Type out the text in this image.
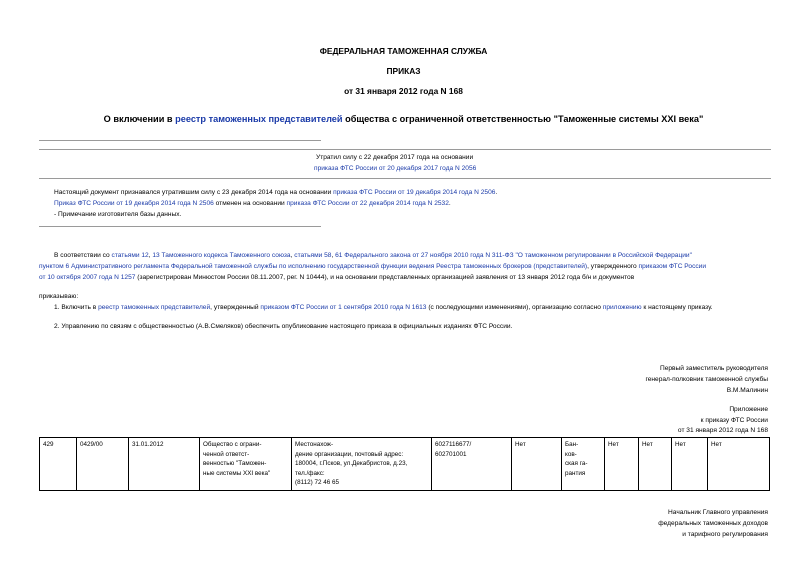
ФЕДЕРАЛЬНАЯ ТАМОЖЕННАЯ СЛУЖБА
ПРИКАЗ
от 31 января 2012 года N 168
О включении в реестр таможенных представителей общества с ограниченной ответственностью "Таможенные системы XXI века"
Утратил силу с 22 декабря 2017 года на основании
приказа ФТС России от 20 декабря 2017 года N 2056
Настоящий документ признавался утратившим силу с 23 декабря 2014 года на основании приказа ФТС России от 19 декабря 2014 года N 2506.
Приказ ФТС России от 19 декабря 2014 года N 2506 отменен на основании приказа ФТС России от 22 декабря 2014 года N 2532.
- Примечание изготовителя базы данных.
В соответствии со статьями 12, 13 Таможенного кодекса Таможенного союза, статьями 58, 61 Федерального закона от 27 ноября 2010 года N 311-ФЗ "О таможенном регулировании в Российской Федерации"
пунктом 6 Административного регламента Федеральной таможенной службы по исполнению государственной функции ведения Реестра таможенных брокеров (представителей), утвержденного приказом ФТС России
от 10 октября 2007 года N 1257 (зарегистрирован Минюстом России 08.11.2007, рег. N 10444), и на основании представленных организацией заявления от 13 января 2012 года б/н и документов
приказываю:
1. Включить в реестр таможенных представителей, утвержденный приказом ФТС России от 1 сентября 2010 года N 1613 (с последующими изменениями), организацию согласно приложению к настоящему приказу.
2. Управлению по связям с общественностью (А.В.Смеляков) обеспечить опубликование настоящего приказа в официальных изданиях ФТС России.
Первый заместитель руководителя
генерал-полковник таможенной службы
В.М.Малинин
Приложение
к приказу ФТС России
от 31 января 2012 года N 168
429	0429/00	31.01.2012	Общество с ограни-
ченной ответст-
венностью "Таможен-
ные системы XXI века"	Местонахож-
дение организации, почтовый адрес:
180004, г.Псков, ул.Декабристов, д.23,
тел./факс:
(8112) 72 46 65	6027116677/
602701001	Нет	Бан-
ков-
ская га-
рантия	Нет	Нет	Нет	Нет
Начальник Главного управления
федеральных таможенных доходов
и тарифного регулирования
